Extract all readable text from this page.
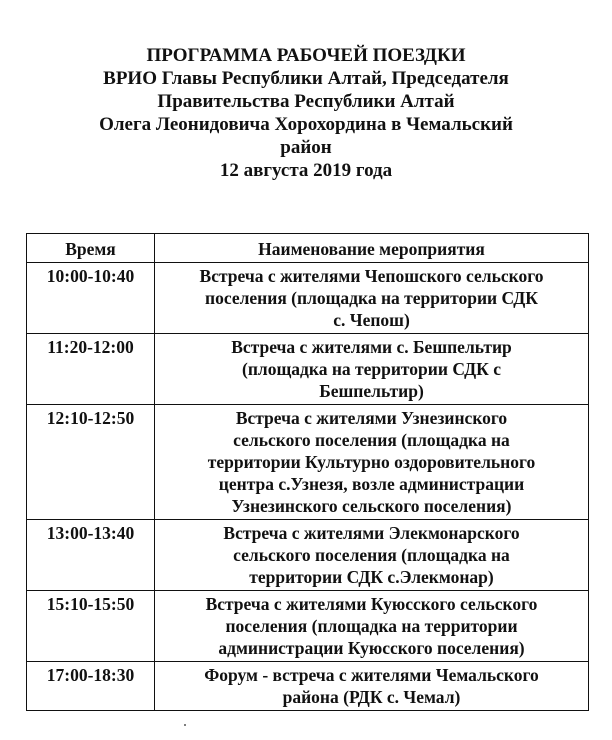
ПРОГРАММА РАБОЧЕЙ ПОЕЗДКИ
ВРИО Главы Республики Алтай, Председателя
Правительства Республики Алтай
Олега Леонидовича Хорохордина в Чемальский
район
12 августа 2019 года
Время	Наименование мероприятия
10:00-10:40	Встреча с жителями Чепошского сельского
поселения (площадка на территории СДК
с. Чепош)

11:20-12:00	Встреча с жителями с. Бешпельтир
(площадка на территории СДК с
Бешпельтир)

12:10-12:50	Встреча с жителями Узнезинского
сельского поселения (площадка на
территории Культурно оздоровительного
центра с.Узнезя, возле администрации
Узнезинского сельского поселения)

13:00-13:40	Встреча с жителями Элекмонарского
сельского поселения (площадка на
территории СДК с.Элекмонар)

15:10-15:50	Встреча с жителями Куюсского сельского
поселения (площадка на территории
администрации Куюсского поселения)

17:00-18:30	Форум - встреча с жителями Чемальского
района (РДК с. Чемал)
